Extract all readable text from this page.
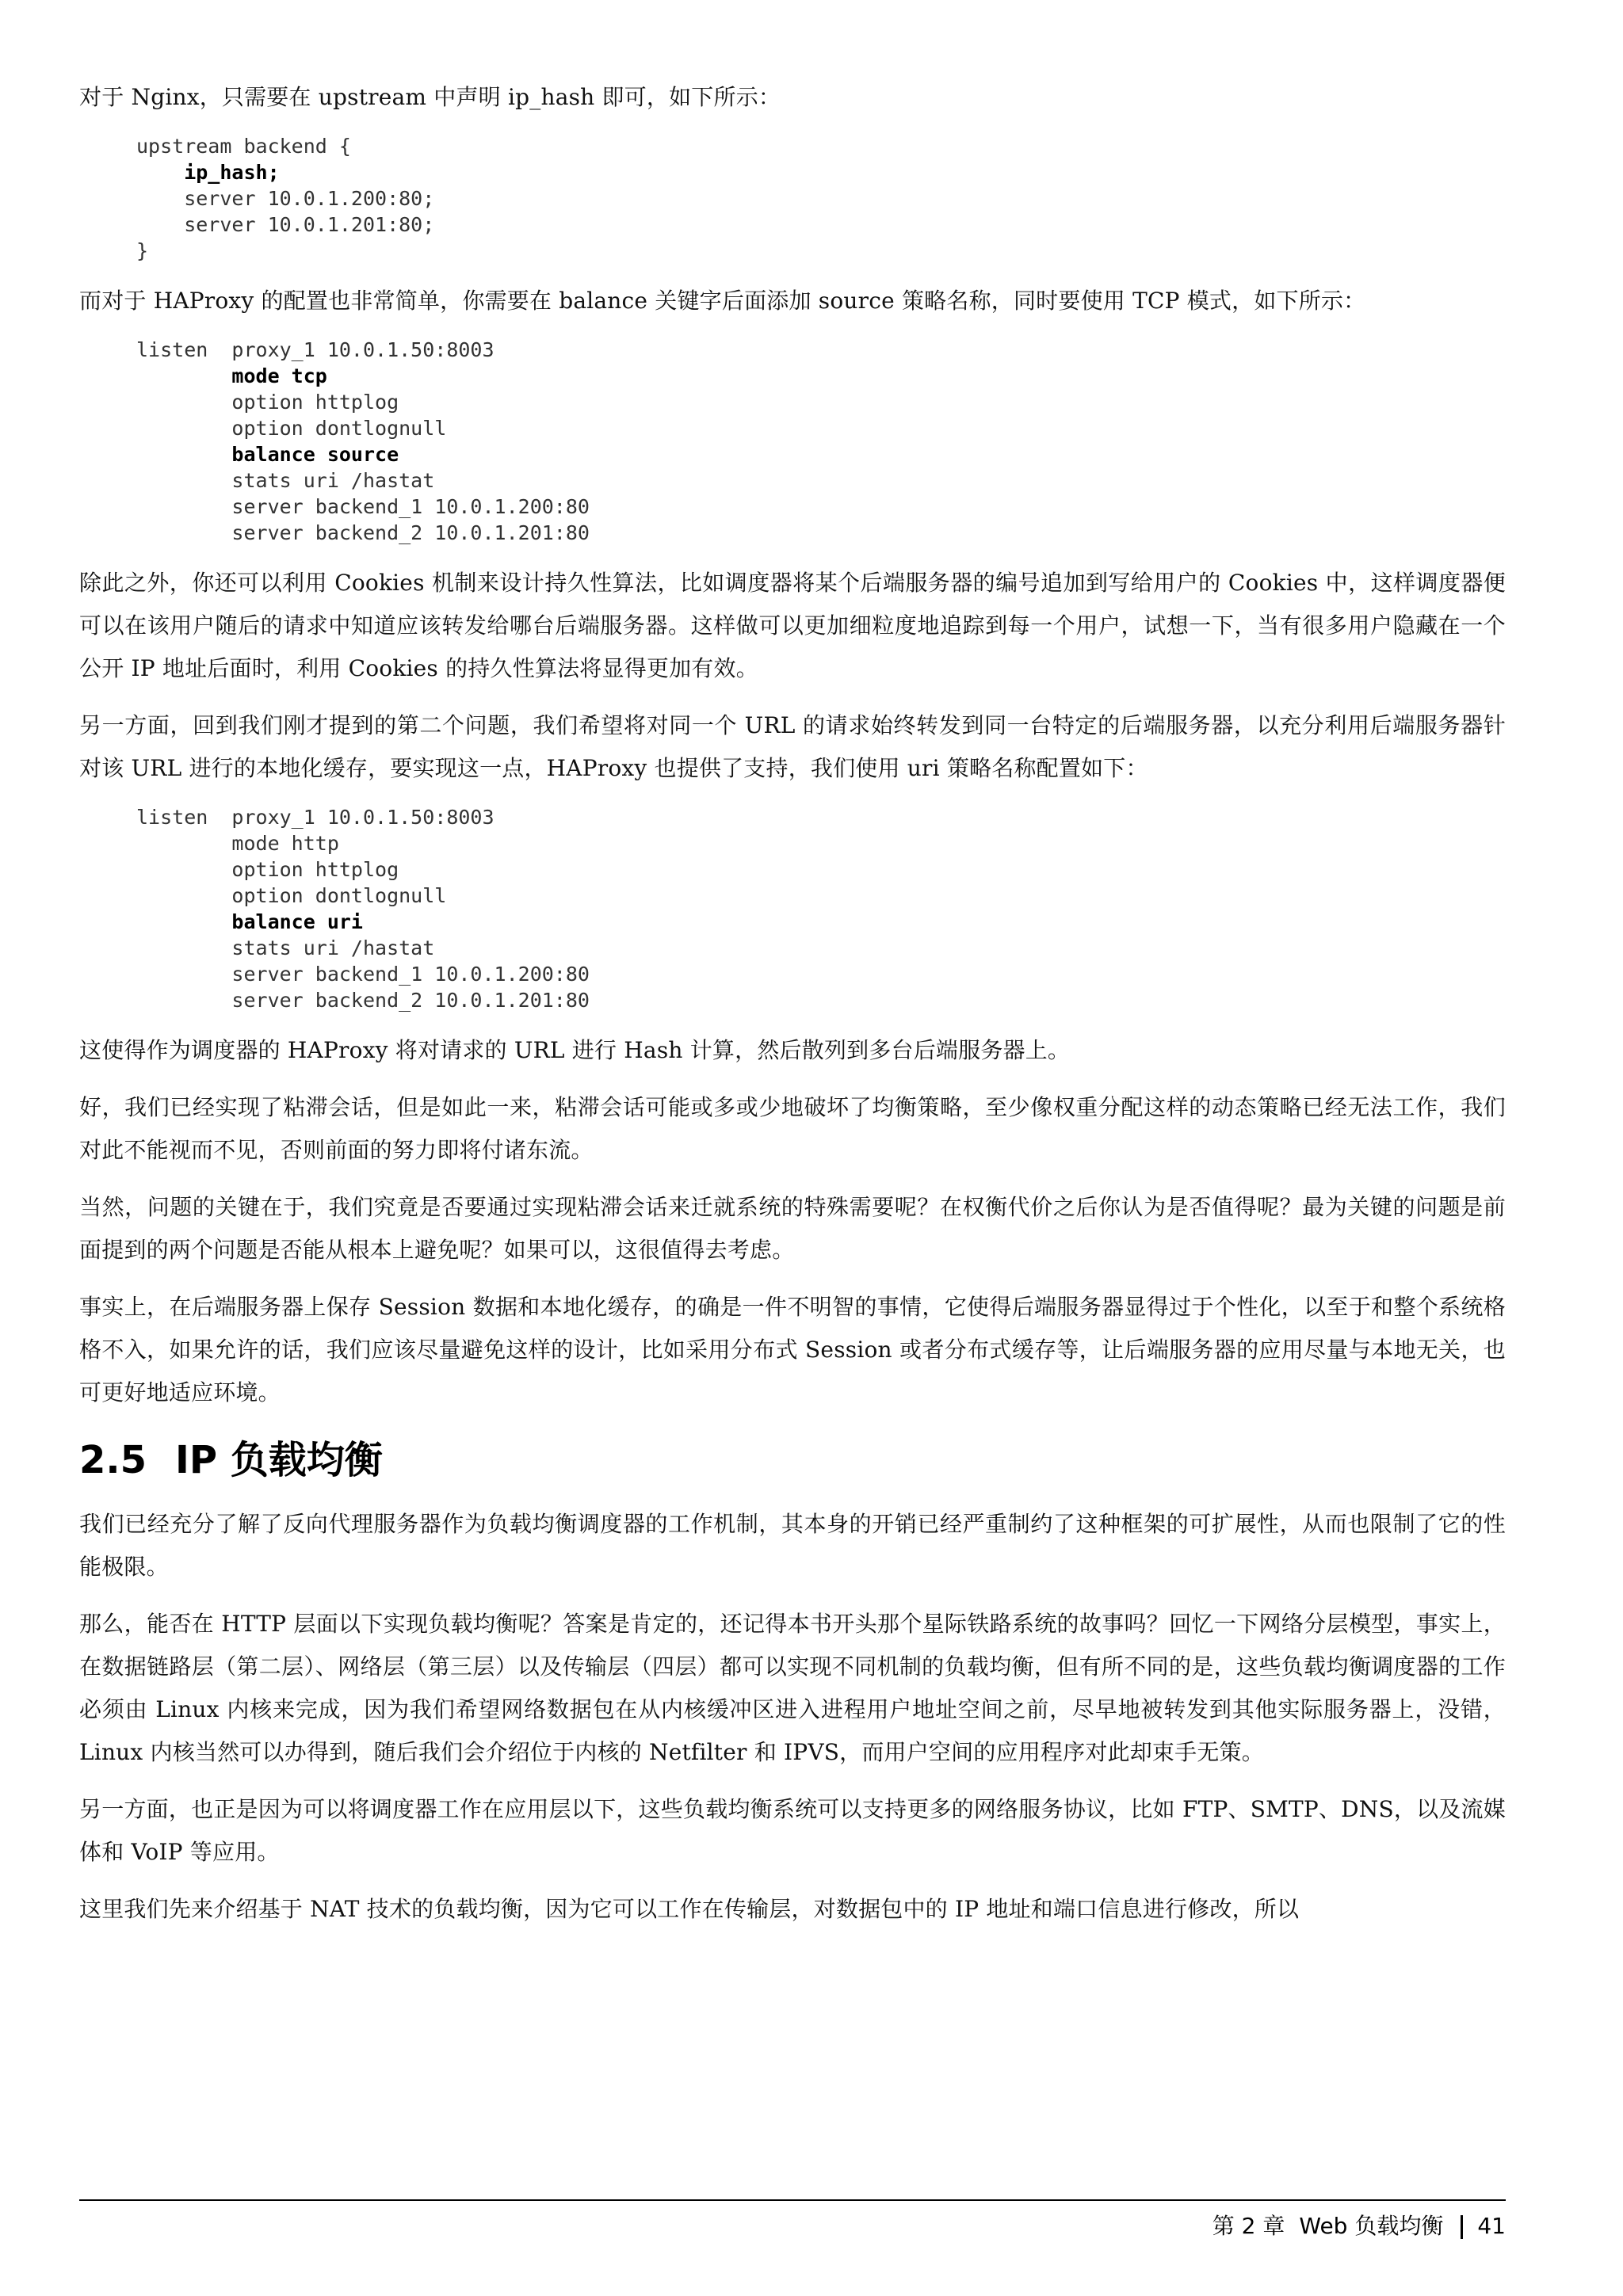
对于 Nginx，只需要在 upstream 中声明 ip_hash 即可，如下所示：

upstream backend {
ip_hash;
server 10.0.1.200:80;
server 10.0.1.201:80;
}

而对于 HAProxy 的配置也非常简单，你需要在 balance 关键字后面添加 source 策略名称，同时要使用 TCP 模式，如下所示：

listen  proxy_1 10.0.1.50:8003
mode tcp
option httplog
option dontlognull
balance source
stats uri /hastat
server backend_1 10.0.1.200:80
server backend_2 10.0.1.201:80

除此之外，你还可以利用 Cookies 机制来设计持久性算法，比如调度器将某个后端服务器的编号追加到写给用户的 Cookies 中，这样调度器便可以在该用户随后的请求中知道应该转发给哪台后端服务器。这样做可以更加细粒度地追踪到每一个用户，试想一下，当有很多用户隐藏在一个公开 IP 地址后面时，利用 Cookies 的持久性算法将显得更加有效。

另一方面，回到我们刚才提到的第二个问题，我们希望将对同一个 URL 的请求始终转发到同一台特定的后端服务器，以充分利用后端服务器针对该 URL 进行的本地化缓存，要实现这一点，HAProxy 也提供了支持，我们使用 uri 策略名称配置如下：

listen  proxy_1 10.0.1.50:8003
mode http
option httplog
option dontlognull
balance uri
stats uri /hastat
server backend_1 10.0.1.200:80
server backend_2 10.0.1.201:80

这使得作为调度器的 HAProxy 将对请求的 URL 进行 Hash 计算，然后散列到多台后端服务器上。

好，我们已经实现了粘滞会话，但是如此一来，粘滞会话可能或多或少地破坏了均衡策略，至少像权重分配这样的动态策略已经无法工作，我们对此不能视而不见，否则前面的努力即将付诸东流。

当然，问题的关键在于，我们究竟是否要通过实现粘滞会话来迁就系统的特殊需要呢？在权衡代价之后你认为是否值得呢？最为关键的问题是前面提到的两个问题是否能从根本上避免呢？如果可以，这很值得去考虑。

事实上，在后端服务器上保存 Session 数据和本地化缓存，的确是一件不明智的事情，它使得后端服务器显得过于个性化，以至于和整个系统格格不入，如果允许的话，我们应该尽量避免这样的设计，比如采用分布式 Session 或者分布式缓存等，让后端服务器的应用尽量与本地无关，也可更好地适应环境。

2.5 IP 负载均衡

我们已经充分了解了反向代理服务器作为负载均衡调度器的工作机制，其本身的开销已经严重制约了这种框架的可扩展性，从而也限制了它的性能极限。

那么，能否在 HTTP 层面以下实现负载均衡呢？答案是肯定的，还记得本书开头那个星际铁路系统的故事吗？回忆一下网络分层模型，事实上，在数据链路层（第二层）、网络层（第三层）以及传输层（四层）都可以实现不同机制的负载均衡，但有所不同的是，这些负载均衡调度器的工作必须由 Linux 内核来完成，因为我们希望网络数据包在从内核缓冲区进入进程用户地址空间之前，尽早地被转发到其他实际服务器上，没错，Linux 内核当然可以办得到，随后我们会介绍位于内核的 Netfilter 和 IPVS，而用户空间的应用程序对此却束手无策。

另一方面，也正是因为可以将调度器工作在应用层以下，这些负载均衡系统可以支持更多的网络服务协议，比如 FTP、SMTP、DNS，以及流媒体和 VoIP 等应用。

这里我们先来介绍基于 NAT 技术的负载均衡，因为它可以工作在传输层，对数据包中的 IP 地址和端口信息进行修改，所以

第 2 章 Web 负载均衡 41
